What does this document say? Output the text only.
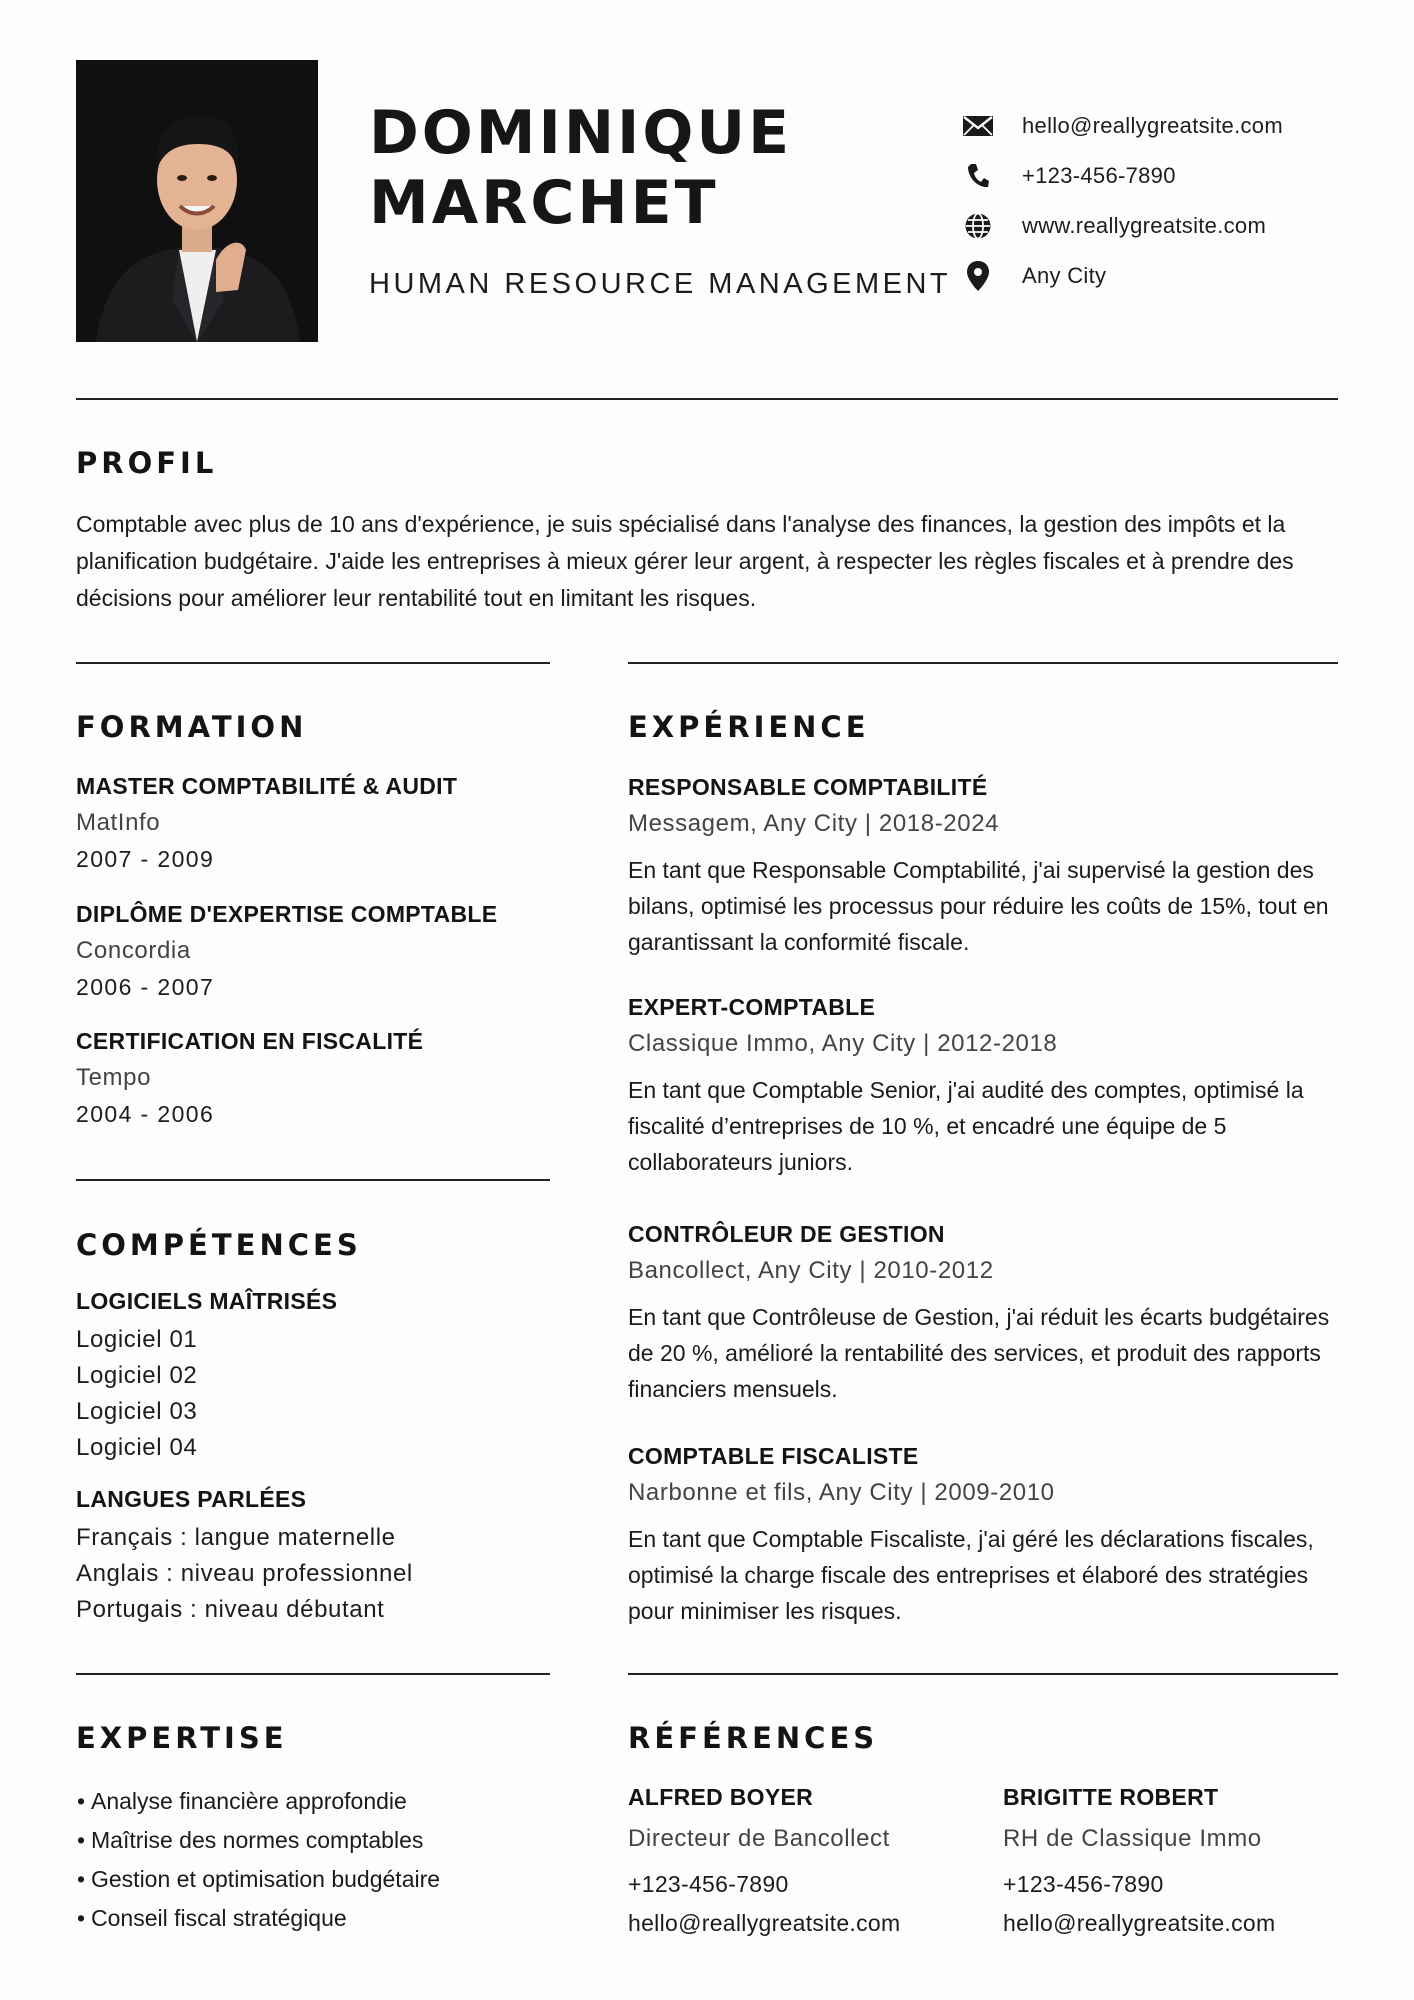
DOMINIQUE
MARCHET
HUMAN RESOURCE MANAGEMENT
hello@reallygreatsite.com
+123-456-7890
www.reallygreatsite.com
Any City
PROFIL
Comptable avec plus de 10 ans d'expérience, je suis spécialisé dans l'analyse des finances, la gestion des impôts et la planification budgétaire. J'aide les entreprises à mieux gérer leur argent, à respecter les règles fiscales et à prendre des décisions pour améliorer leur rentabilité tout en limitant les risques.
FORMATION
MASTER COMPTABILITÉ & AUDIT
MatInfo
2007 - 2009
DIPLÔME D'EXPERTISE COMPTABLE
Concordia
2006 - 2007
CERTIFICATION EN FISCALITÉ
Tempo
2004 - 2006
COMPÉTENCES
LOGICIELS MAÎTRISÉS
Logiciel 01
Logiciel 02
Logiciel 03
Logiciel 04
LANGUES PARLÉES
Français : langue maternelle
Anglais : niveau professionnel
Portugais : niveau débutant
EXPÉRIENCE
RESPONSABLE COMPTABILITÉ
Messagem, Any City | 2018-2024
En tant que Responsable Comptabilité, j'ai supervisé la gestion des bilans, optimisé les processus pour réduire les coûts de 15%, tout en garantissant la conformité fiscale.
EXPERT-COMPTABLE
Classique Immo, Any City | 2012-2018
En tant que Comptable Senior, j'ai audité des comptes, optimisé la fiscalité d’entreprises de 10 %, et encadré une équipe de 5 collaborateurs juniors.
CONTRÔLEUR DE GESTION
Bancollect, Any City | 2010-2012
En tant que Contrôleuse de Gestion, j'ai réduit les écarts budgétaires de 20 %, amélioré la rentabilité des services, et produit des rapports financiers mensuels.
COMPTABLE FISCALISTE
Narbonne et fils, Any City | 2009-2010
En tant que Comptable Fiscaliste, j'ai géré les déclarations fiscales, optimisé la charge fiscale des entreprises et élaboré des stratégies pour minimiser les risques.
EXPERTISE
• Analyse financière approfondie
• Maîtrise des normes comptables
• Gestion et optimisation budgétaire
• Conseil fiscal stratégique
RÉFÉRENCES
ALFRED BOYER
Directeur de Bancollect
+123-456-7890
hello@reallygreatsite.com
BRIGITTE ROBERT
RH de Classique Immo
+123-456-7890
hello@reallygreatsite.com
